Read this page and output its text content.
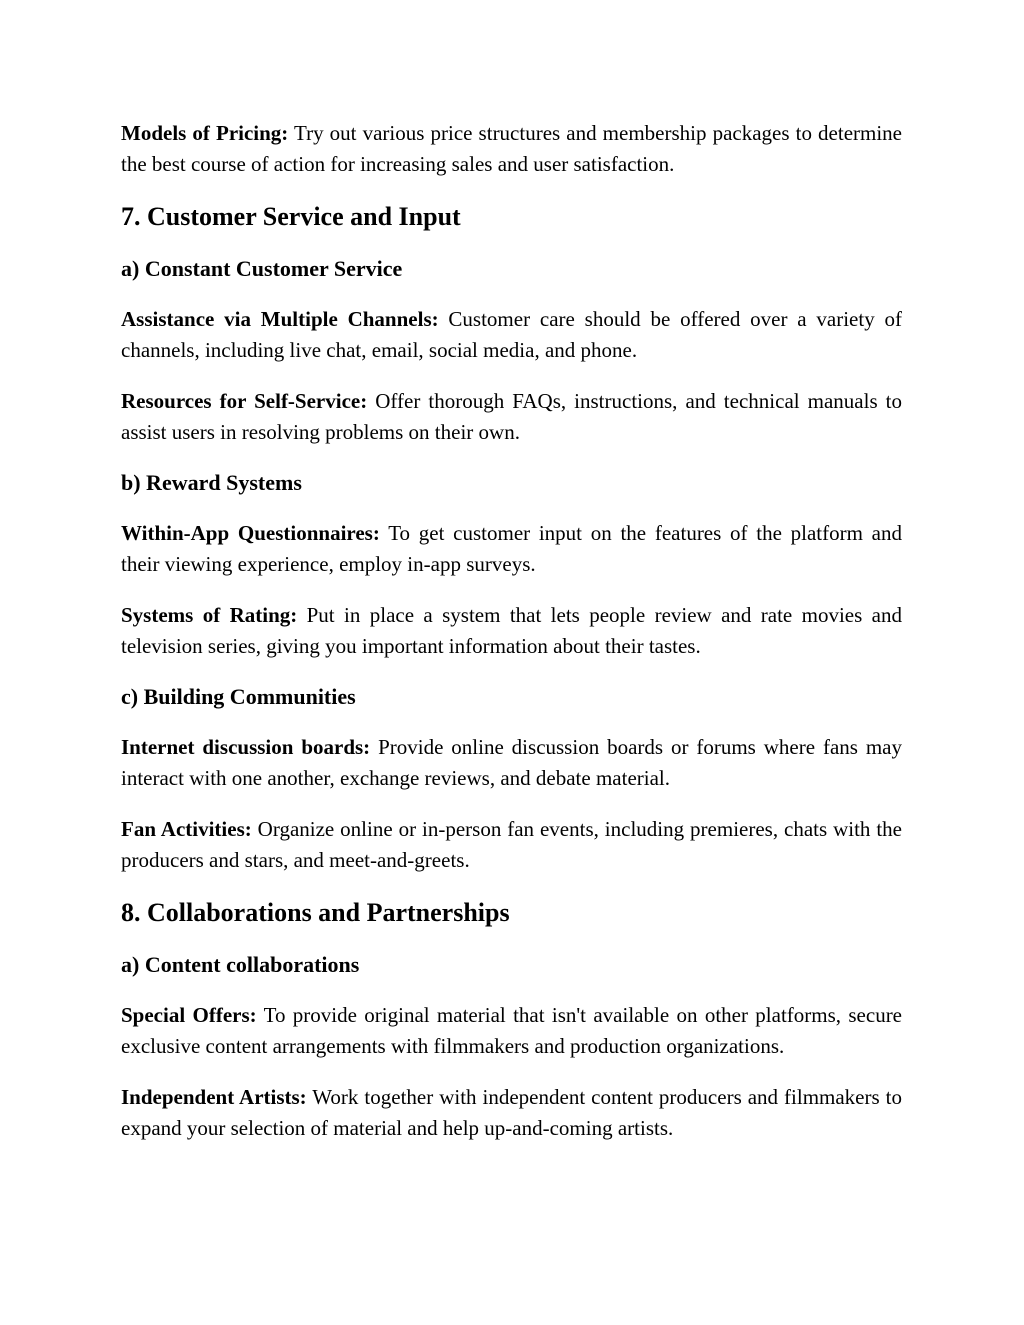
Models of Pricing: Try out various price structures and membership packages to determine the best course of action for increasing sales and user satisfaction.

7. Customer Service and Input
a) Constant Customer Service

Assistance via Multiple Channels: Customer care should be offered over a variety of channels, including live chat, email, social media, and phone.

Resources for Self-Service: Offer thorough FAQs, instructions, and technical manuals to assist users in resolving problems on their own.

b) Reward Systems

Within-App Questionnaires: To get customer input on the features of the platform and their viewing experience, employ in-app surveys.

Systems of Rating: Put in place a system that lets people review and rate movies and television series, giving you important information about their tastes.

c) Building Communities

Internet discussion boards: Provide online discussion boards or forums where fans may interact with one another, exchange reviews, and debate material.

Fan Activities: Organize online or in-person fan events, including premieres, chats with the producers and stars, and meet-and-greets.

8. Collaborations and Partnerships
a) Content collaborations

Special Offers: To provide original material that isn't available on other platforms, secure exclusive content arrangements with filmmakers and production organizations.

Independent Artists: Work together with independent content producers and filmmakers to expand your selection of material and help up-and-coming artists.
